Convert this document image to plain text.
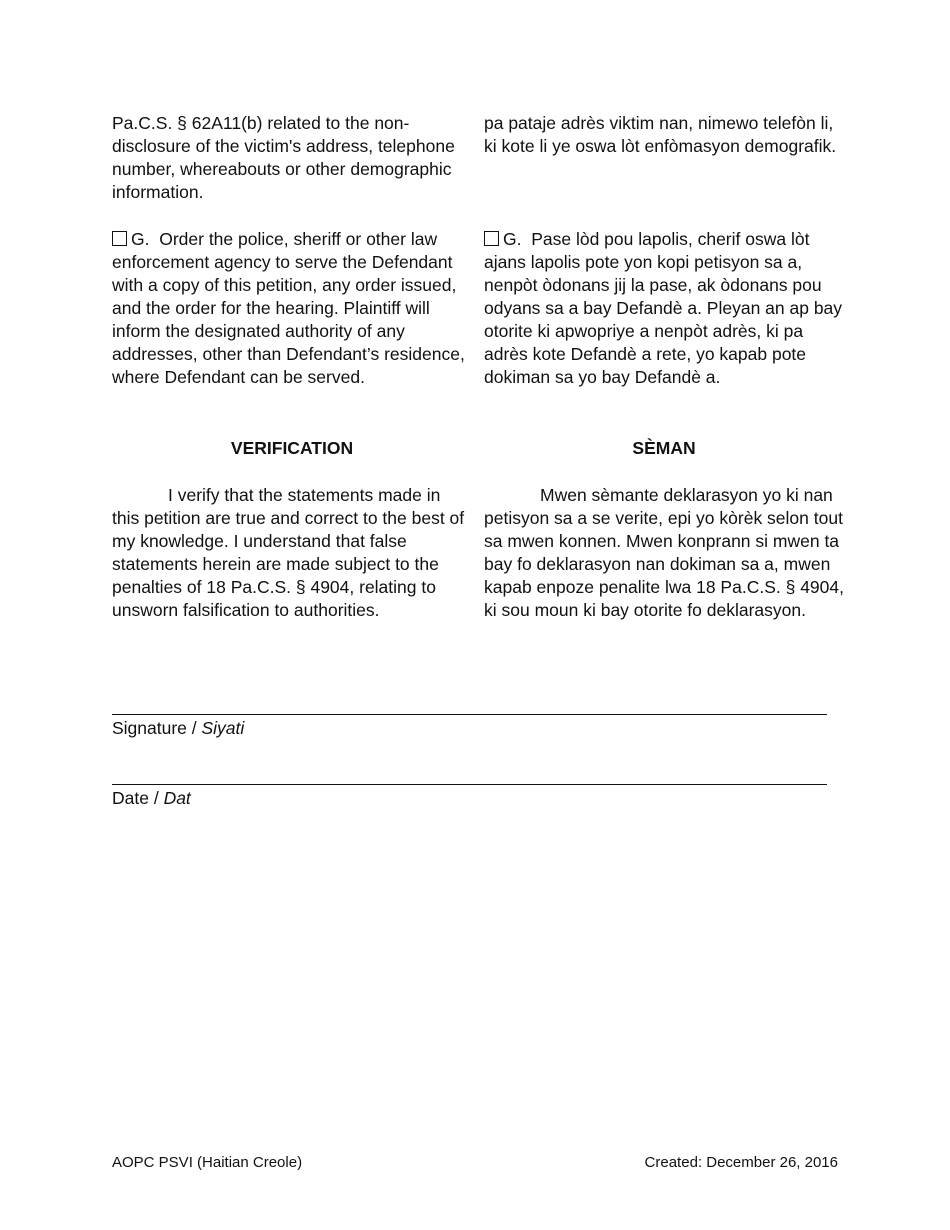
Pa.C.S. § 62A11(b) related to the non-disclosure of the victim's address, telephone number, whereabouts or other demographic information.

G. Order the police, sheriff or other law enforcement agency to serve the Defendant with a copy of this petition, any order issued, and the order for the hearing. Plaintiff will inform the designated authority of any addresses, other than Defendant’s residence, where Defendant can be served.

VERIFICATION

I verify that the statements made in this petition are true and correct to the best of my knowledge. I understand that false statements herein are made subject to the penalties of 18 Pa.C.S. § 4904, relating to unsworn falsification to authorities.

pa pataje adrès viktim nan, nimewo telefòn li, ki kote li ye oswa lòt enfòmasyon demografik.

G. Pase lòd pou lapolis, cherif oswa lòt ajans lapolis pote yon kopi petisyon sa a, nenpòt òdonans jij la pase, ak òdonans pou odyans sa a bay Defandè a. Pleyan an ap bay otorite ki apwopriye a nenpòt adrès, ki pa adrès kote Defandè a rete, yo kapab pote dokiman sa yo bay Defandè a.

SÈMAN

Mwen sèmante deklarasyon yo ki nan petisyon sa a se verite, epi yo kòrèk selon tout sa mwen konnen. Mwen konprann si mwen ta bay fo deklarasyon nan dokiman sa a, mwen kapab enpoze penalite lwa 18 Pa.C.S. § 4904, ki sou moun ki bay otorite fo deklarasyon.

Signature / Siyati
Date / Dat
AOPC PSVI (Haitian Creole)	Created: December 26, 2016
